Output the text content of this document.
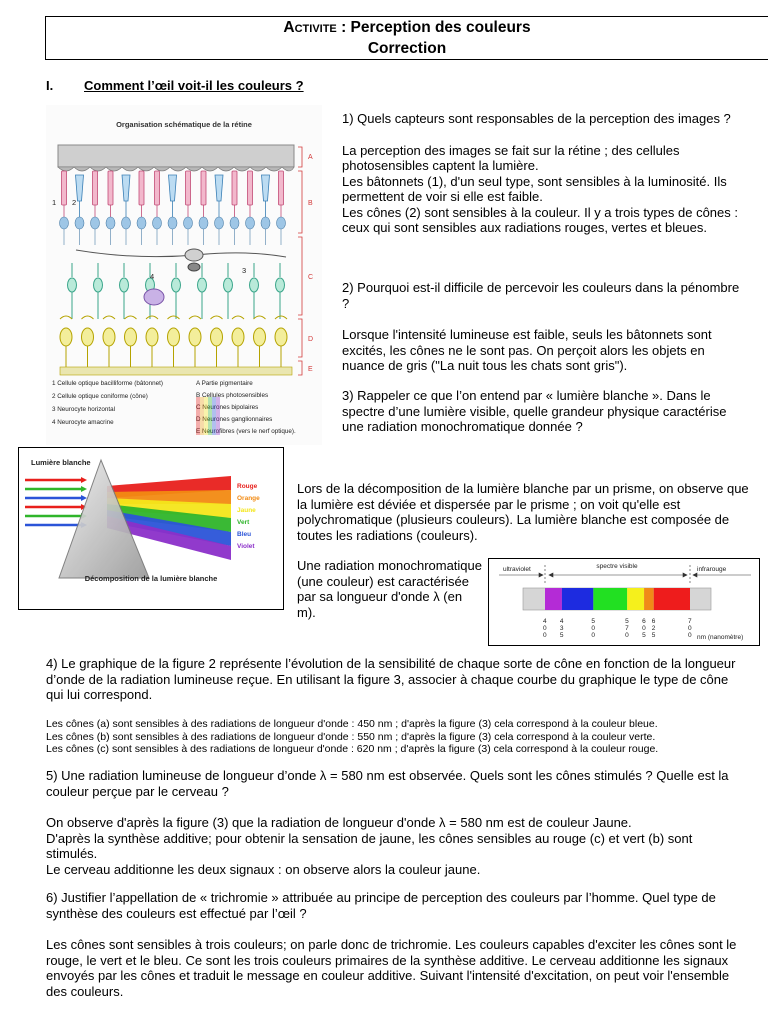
Activite : Perception des couleurs
Correction
I. Comment l’œil voit-il les couleurs ?
Organisation schématique de la rétine
A
B
C
D
E
1 2
3
4
1 Cellule optique bacilliforme (bâtonnet)
2 Cellule optique coniforme (cône)
3 Neurocyte horizontal
4 Neurocyte amacrine
A Partie pigmentaire
B Cellules photosensibles
C Neurones bipolaires
D Neurones ganglionnaires
E Neurofibres (vers le nerf optique).

1) Quels capteurs sont responsables de la perception des images ?

La perception des images se fait sur la rétine ; des cellules photosensibles captent la lumière.

Les bâtonnets (1), d'un seul type, sont sensibles à la luminosité. Ils permettent de voir si elle est faible.

Les cônes (2) sont sensibles à la couleur. Il y a trois types de cônes : ceux qui sont sensibles aux radiations rouges, vertes et bleues.

2) Pourquoi est-il difficile de percevoir les couleurs dans la pénombre ?

Lorsque l'intensité lumineuse est faible, seuls les bâtonnets sont excités, les cônes ne le sont pas. On perçoit alors les objets en nuance de gris ("La nuit tous les chats sont gris").

3) Rappeler ce que l’on entend par « lumière blanche ». Dans le spectre d’une lumière visible, quelle grandeur physique caractérise une radiation monochromatique donnée ?

Lumière blanche
Rouge
Orange
Jaune
Vert
Bleu
Violet
Décomposition de la lumière blanche

Lors de la décomposition de la lumière blanche par un prisme, on observe que la lumière est déviée et dispersée par le prisme ; on voit qu'elle est polychromatique (plusieurs couleurs). La lumière blanche est composée de toutes les radiations (couleurs).

Une radiation monochromatique (une couleur) est caractérisée par sa longueur d'onde λ (en m).

ultraviolet	spectre visible	infrarouge
4 0 0
4 3 5
5 0 0
5 7 0
6 0 5
6 2 5
7 0 0 nm (nanomètre)

4) Le graphique de la figure 2 représente l’évolution de la sensibilité de chaque sorte de cône en fonction de la longueur d’onde de la radiation lumineuse reçue. En utilisant la figure 3, associer à chaque courbe du graphique le type de cône qui lui correspond.

Les cônes (a) sont sensibles à des radiations de longueur d'onde : 450 nm ; d'après la figure (3) cela correspond à la couleur bleue.

Les cônes (b) sont sensibles à des radiations de longueur d'onde : 550 nm ; d'après la figure (3) cela correspond à la couleur verte.

Les cônes (c) sont sensibles à des radiations de longueur d'onde : 620 nm ; d'après la figure (3) cela correspond à la couleur rouge.

5) Une radiation lumineuse de longueur d’onde λ = 580 nm est observée. Quels sont les cônes stimulés ? Quelle est la couleur perçue par le cerveau ?

On observe d'après la figure (3) que la radiation de longueur d'onde λ = 580 nm est de couleur Jaune.

D'après la synthèse additive; pour obtenir la sensation de jaune, les cônes sensibles au rouge (c) et vert (b) sont stimulés.

Le cerveau additionne les deux signaux : on observe alors la couleur jaune.

6) Justifier l’appellation de « trichromie » attribuée au principe de perception des couleurs par l’homme. Quel type de synthèse des couleurs est effectué par l’œil ?

Les cônes sont sensibles à trois couleurs; on parle donc de trichromie. Les couleurs capables d'exciter les cônes sont le rouge, le vert et le bleu. Ce sont les trois couleurs primaires de la synthèse additive. Le cerveau additionne les signaux envoyés par les cônes et traduit le message en couleur additive. Suivant l'intensité d'excitation, on peut voir l'ensemble des couleurs.
